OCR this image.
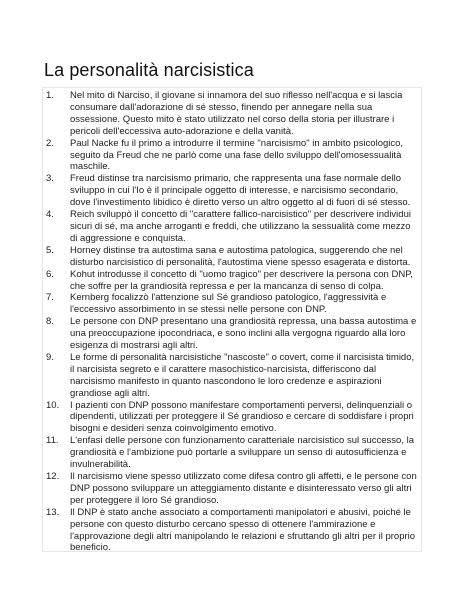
La personalità narcisistica
1.	Nel mito di Narciso, il giovane si innamora del suo riflesso nell'acqua e si lascia consumare dall'adorazione di sé stesso, finendo per annegare nella sua ossessione. Questo mito è stato utilizzato nel corso della storia per illustrare i pericoli dell'eccessiva auto-adorazione e della vanità.
2.	Paul Nacke fu il primo a introdurre il termine "narcisismo" in ambito psicologico, seguito da Freud che ne parlò come una fase dello sviluppo dell'omosessualità maschile.
3.	Freud distinse tra narcisismo primario, che rappresenta una fase normale dello sviluppo in cui l'Io è il principale oggetto di interesse, e narcisismo secondario, dove l'investimento libidico è diretto verso un altro oggetto al di fuori di sé stesso.
4.	Reich sviluppò il concetto di "carattere fallico-narcisistico" per descrivere individui sicuri di sé, ma anche arroganti e freddi, che utilizzano la sessualità come mezzo di aggressione e conquista.
5.	Horney distinse tra autostima sana e autostima patologica, suggerendo che nel disturbo narcisistico di personalità, l'autostima viene spesso esagerata e distorta.
6.	Kohut introdusse il concetto di "uomo tragico" per descrivere la persona con DNP, che soffre per la grandiosità repressa e per la mancanza di senso di colpa.
7.	Kernberg focalizzò l'attenzione sul Sé grandioso patologico, l'aggressività e l'eccessivo assorbimento in se stessi nelle persone con DNP.
8.	Le persone con DNP presentano una grandiosità repressa, una bassa autostima e una preoccupazione ipocondriaca, e sono inclini alla vergogna riguardo alla loro esigenza di mostrarsi agli altri.
9.	Le forme di personalità narcisistiche "nascoste" o covert, come il narcisista timido, il narcisista segreto e il carattere masochistico-narcisista, differiscono dal narcisismo manifesto in quanto nascondono le loro credenze e aspirazioni grandiose agli altri.
10.	I pazienti con DNP possono manifestare comportamenti perversi, delinquenziali o dipendenti, utilizzati per proteggere il Sé grandioso e cercare di soddisfare i propri bisogni e desideri senza coinvolgimento emotivo.
11.	L'enfasi delle persone con funzionamento caratteriale narcisistico sul successo, la grandiosità e l'ambizione può portarle a sviluppare un senso di autosufficienza e invulnerabilità.
12.	Il narcisismo viene spesso utilizzato come difesa contro gli affetti, e le persone con DNP possono sviluppare un atteggiamento distante e disinteressato verso gli altri per proteggere il loro Sé grandioso.
13.	Il DNP è stato anche associato a comportamenti manipolatori e abusivi, poiché le persone con questo disturbo cercano spesso di ottenere l'ammirazione e l'approvazione degli altri manipolando le relazioni e sfruttando gli altri per il proprio beneficio.
